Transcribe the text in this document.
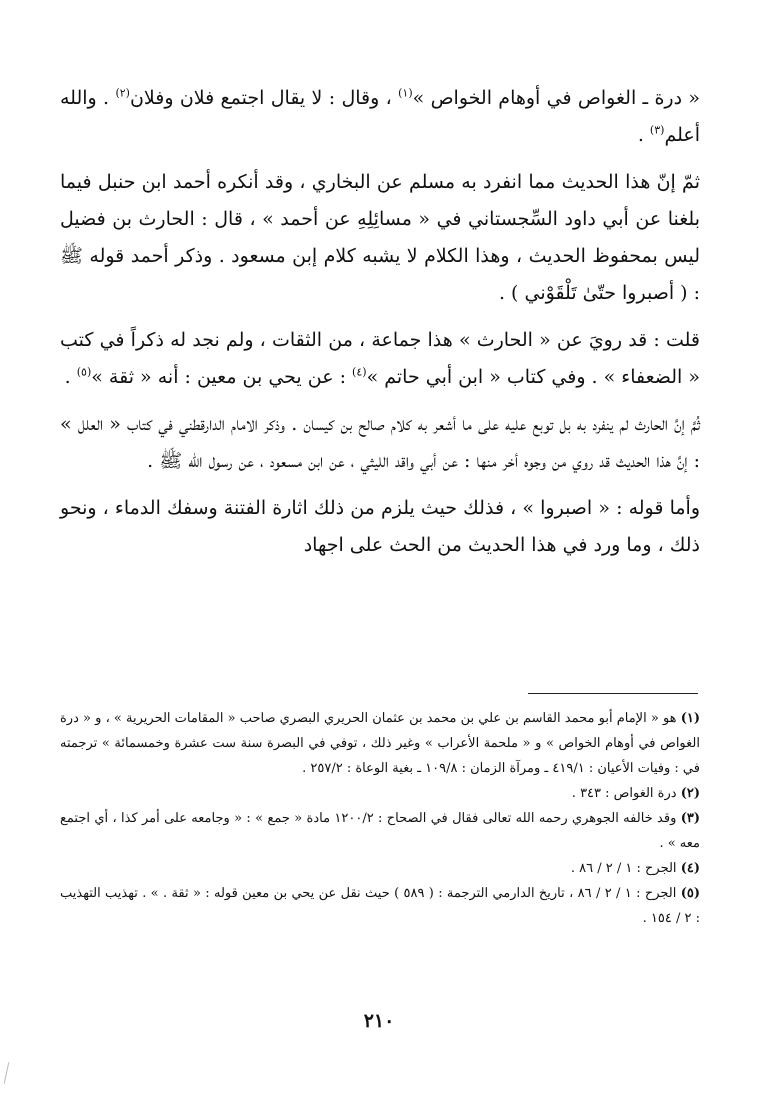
« درة ـ الغواص في أوهام الخواص »$^{(١)}$ ، وقال : لا يقال اجتمع فلان وفلان$^{(٢)}$ . والله أعلم$^{(٣)}$ .

ثمّ إنّ هذا الحديث مما انفرد به مسلم عن البخاري ، وقد أنكره أحمد ابن حنبل فيما بلغنا عن أبي داود السِّجستاني في « مسائِلِهِ عن أحمد » ، قال : الحارث بن فضيل ليس بمحفوظ الحديث ، وهذا الكلام لا يشبه كلام إبن مسعود . وذكر أحمد قوله ﷺ : ( أصبروا حتّىٰ تَلْقَوْني ) .

قلت : قد رويَ عن « الحارث » هذا جماعة ، من الثقات ، ولم نجد له ذكراً في كتب « الضعفاء » . وفي كتاب « ابن أبي حاتم »$^{(٤)}$ : عن يحي بن معين : أنه « ثقة »$^{(٥)}$ .

ثُمَّ إنَّ الحارث لم ينفرد به بل توبع عليه على ما أشعر به كلام صالح بن كيسان . وذكر الامام الدارقطني في كتاب « العلل » : إنَّ هذا الحديث قد روي من وجوه أخر منها : عن أبي واقد الليثي ، عن ابن مسعود ، عن رسول الله ﷺ .

وأما قوله : « اصبروا » ، فذلك حيث يلزم من ذلك اثارة الفتنة وسفك الدماء ، ونحو ذلك ، وما ورد في هذا الحديث من الحث على اجهاد

(١) هو « الإمام أبو محمد القاسم بن علي بن محمد بن عثمان الحريري البصري صاحب « المقامات الحريرية » ، و « درة الغواص في أوهام الخواص » و « ملحمة الأعراب » وغير ذلك ، توفي في البصرة سنة ست عشرة وخمسمائة » ترجمته في : وفيات الأعيان : ٤١٩/١ ـ ومرآة الزمان : ١٠٩/٨ ـ بغية الوعاة : ٢٥٧/٢ .

(٢) درة الغواص : ٣٤٣ .

(٣) وقد خالفه الجوهري رحمه الله تعالى فقال في الصحاح : ١٢٠٠/٢ مادة « جمع » : « وجامعه على أمر كذا ، أي اجتمع معه » .

(٤) الجرح : ١ / ٢ / ٨٦ .

(٥) الجرح : ١ / ٢ / ٨٦ ، تاريخ الدارمي الترجمة : ( ٥٨٩ ) حيث نقل عن يحي بن معين قوله : « ثقة . » . تهذيب التهذيب : ٢ / ١٥٤ .

٢١٠
